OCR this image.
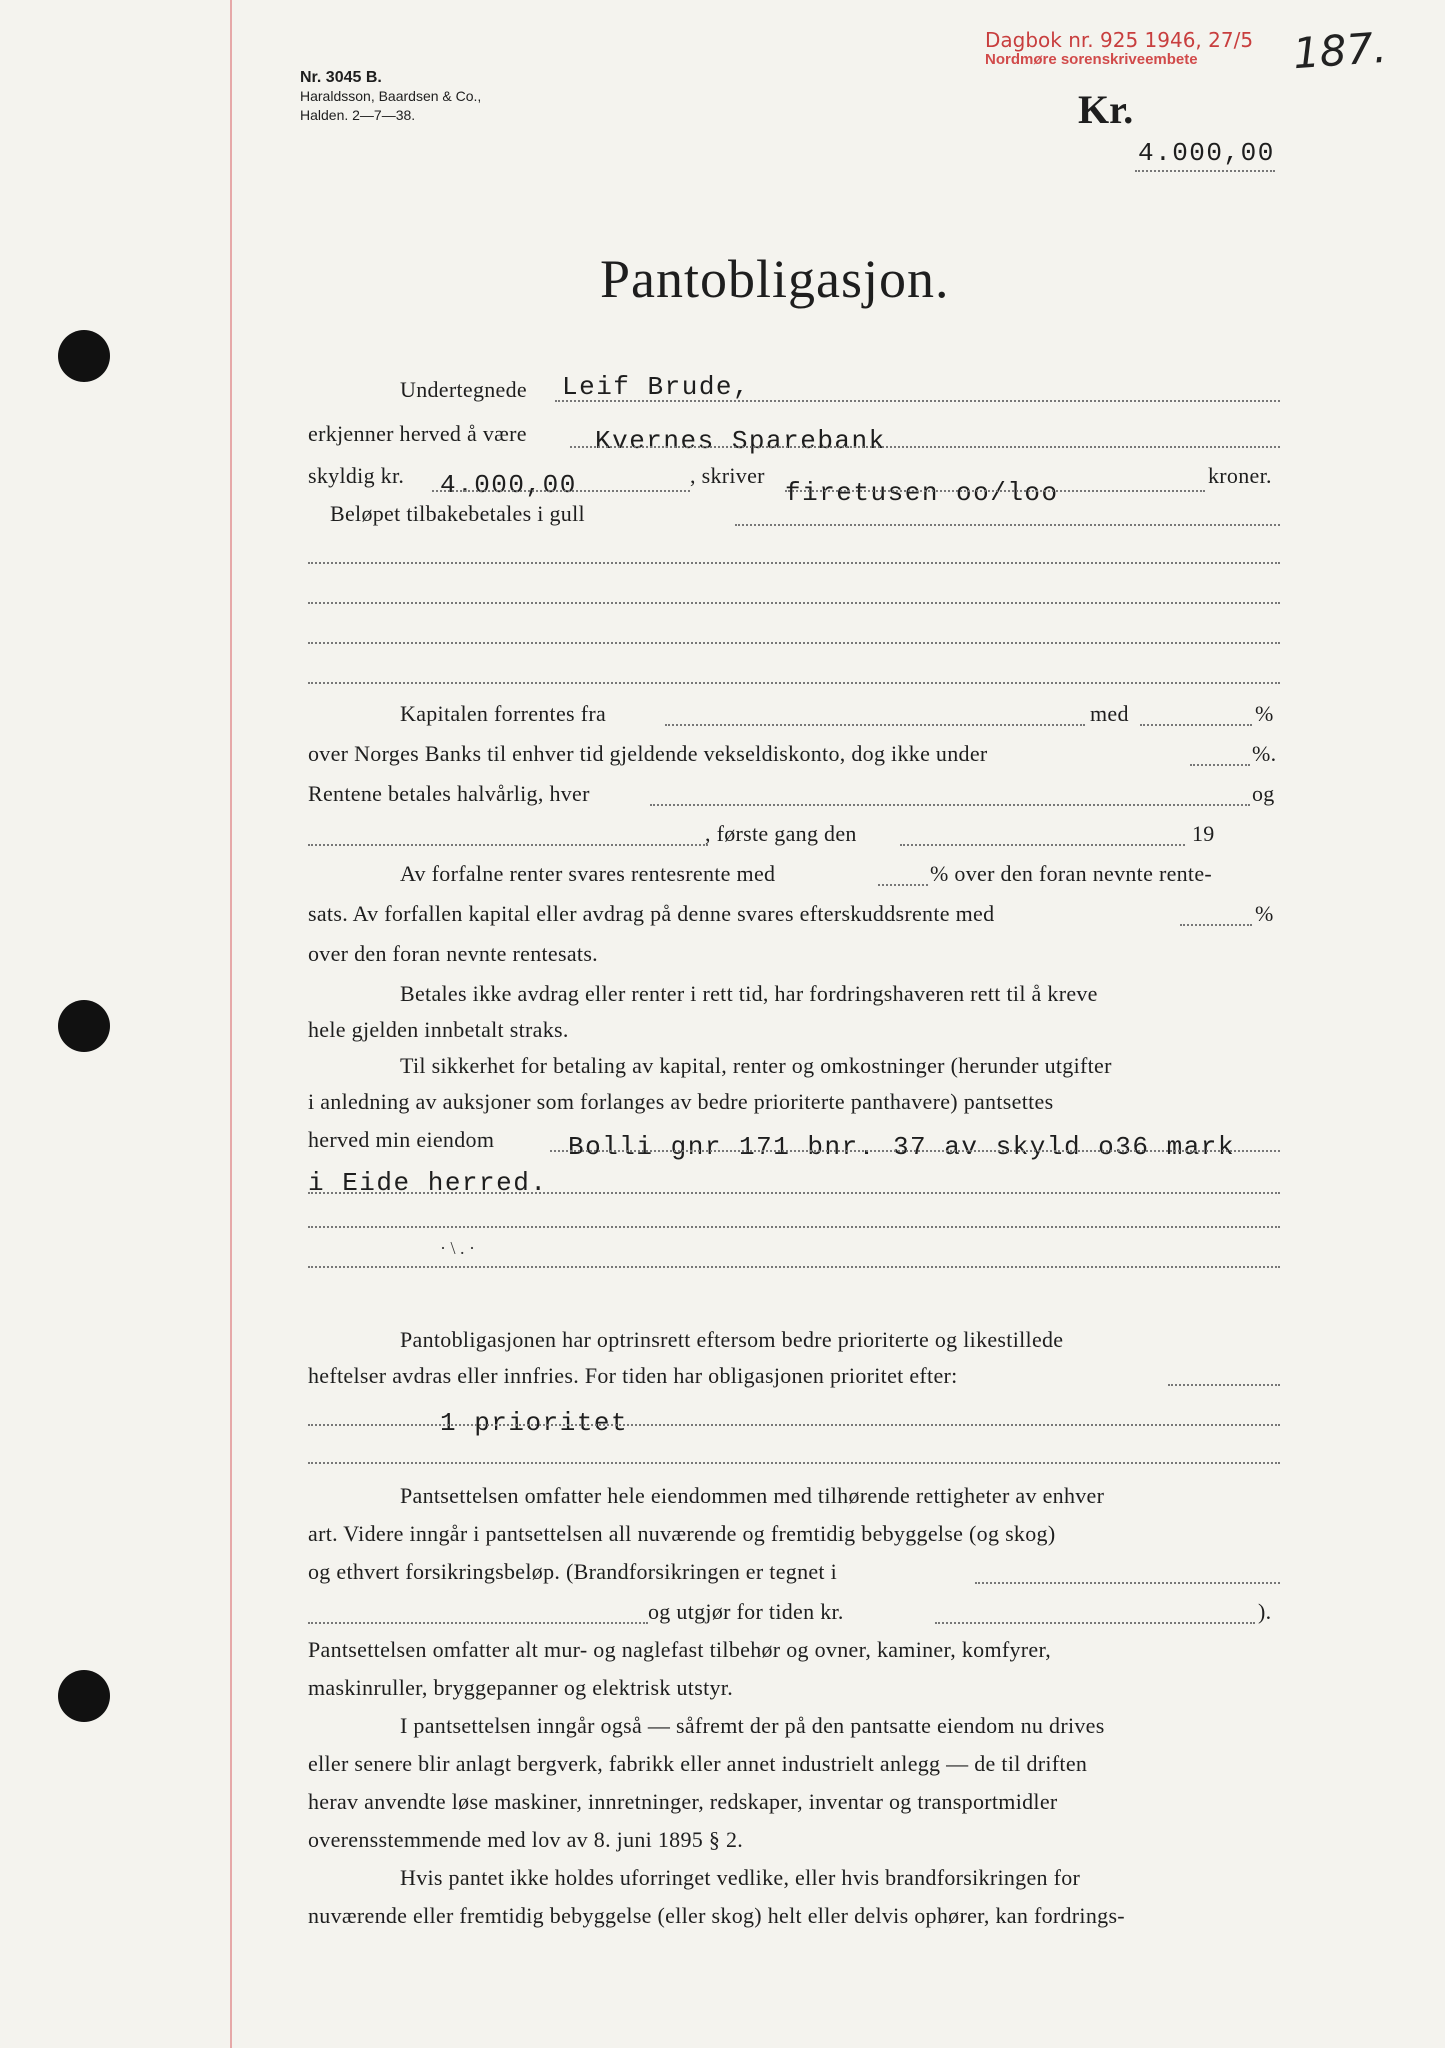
Nr. 3045 B.
Haraldsson, Baardsen & Co.,
Halden. 2—7—38.
Dagbok nr. 925 1946, 27/5
Nordmøre sorenskriveembete	187.
Kr.
4.000,00
Pantobligasjon.
Undertegnede Leif Brude,
erkjenner herved å være	Kvernes Sparebank
skyldig kr. 4.000,00	, skriver
firetusen oo/loo
kroner.
Beløpet tilbakebetales i gull
Kapitalen forrentes fra	med	%
over Norges Banks til enhver tid gjeldende vekseldiskonto, dog ikke under	%.
Rentene betales halvårlig, hver	og
, første gang den	19
Av forfalne renter svares rentesrente med	% over den foran nevnte rente-
sats. Av forfallen kapital eller avdrag på denne svares efterskuddsrente med	%
over den foran nevnte rentesats.
Betales ikke avdrag eller renter i rett tid, har fordringshaveren rett til å kreve
hele gjelden innbetalt straks.
Til sikkerhet for betaling av kapital, renter og omkostninger (herunder utgifter
i anledning av auksjoner som forlanges av bedre prioriterte panthavere) pantsettes
herved min eiendom	Bolli gnr 171 bnr. 37 av skyld o36 mark
i Eide herred.
· \ . ·
Pantobligasjonen har optrinsrett eftersom bedre prioriterte og likestillede
heftelser avdras eller innfries. For tiden har obligasjonen prioritet efter:
1 prioritet
Pantsettelsen omfatter hele eiendommen med tilhørende rettigheter av enhver
art. Videre inngår i pantsettelsen all nuværende og fremtidig bebyggelse (og skog)
og ethvert forsikringsbeløp. (Brandforsikringen er tegnet i
og utgjør for tiden kr.	).
Pantsettelsen omfatter alt mur- og naglefast tilbehør og ovner, kaminer, komfyrer,
maskinruller, bryggepanner og elektrisk utstyr.
I pantsettelsen inngår også — såfremt der på den pantsatte eiendom nu drives
eller senere blir anlagt bergverk, fabrikk eller annet industrielt anlegg — de til driften
herav anvendte løse maskiner, innretninger, redskaper, inventar og transportmidler
overensstemmende med lov av 8. juni 1895 § 2.
Hvis pantet ikke holdes uforringet vedlike, eller hvis brandforsikringen for
nuværende eller fremtidig bebyggelse (eller skog) helt eller delvis ophører, kan fordrings-
